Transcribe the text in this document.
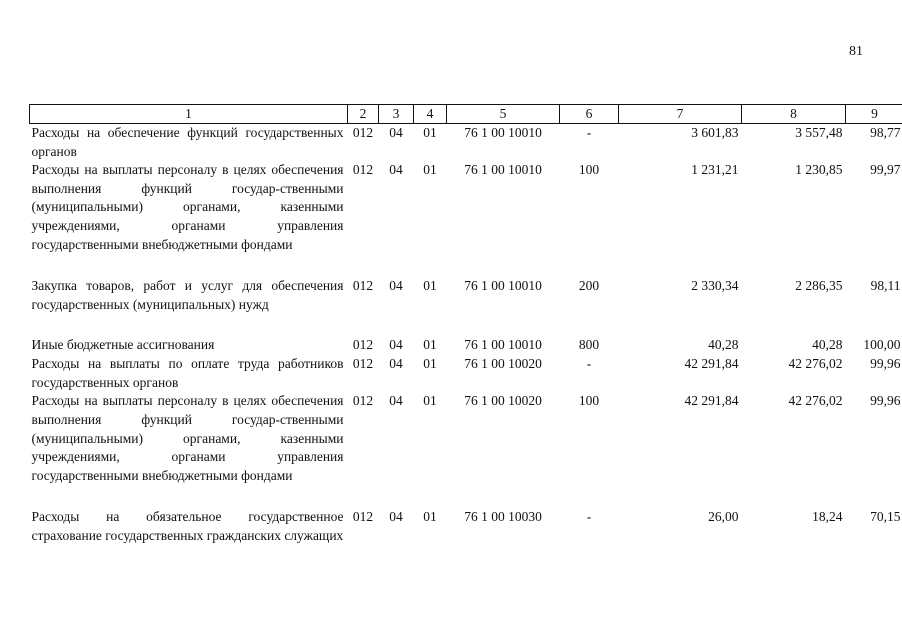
81
1	2	3	4	5	6	7	8	9
Расходы на обеспечение функций государственных органов	012	04	01	76 1 00 10010	-	3 601,83	3 557,48	98,77
Расходы на выплаты персоналу в целях обеспечения выполнения функций государ-ственными (муниципальными) органами, казенными учреждениями, органами управления государственными внебюджетными фондами	012	04	01	76 1 00 10010	100	1 231,21	1 230,85	99,97
Закупка товаров, работ и услуг для обеспечения государственных (муниципальных) нужд	012	04	01	76 1 00 10010	200	2 330,34	2 286,35	98,11
Иные бюджетные ассигнования	012	04	01	76 1 00 10010	800	40,28	40,28	100,00
Расходы на выплаты по оплате труда работников государственных органов	012	04	01	76 1 00 10020	-	42 291,84	42 276,02	99,96
Расходы на выплаты персоналу в целях обеспечения выполнения функций государ-ственными (муниципальными) органами, казенными учреждениями, органами управления государственными внебюджетными фондами	012	04	01	76 1 00 10020	100	42 291,84	42 276,02	99,96
Расходы на обязательное государственное страхование государственных гражданских служащих	012	04	01	76 1 00 10030	-	26,00	18,24	70,15
